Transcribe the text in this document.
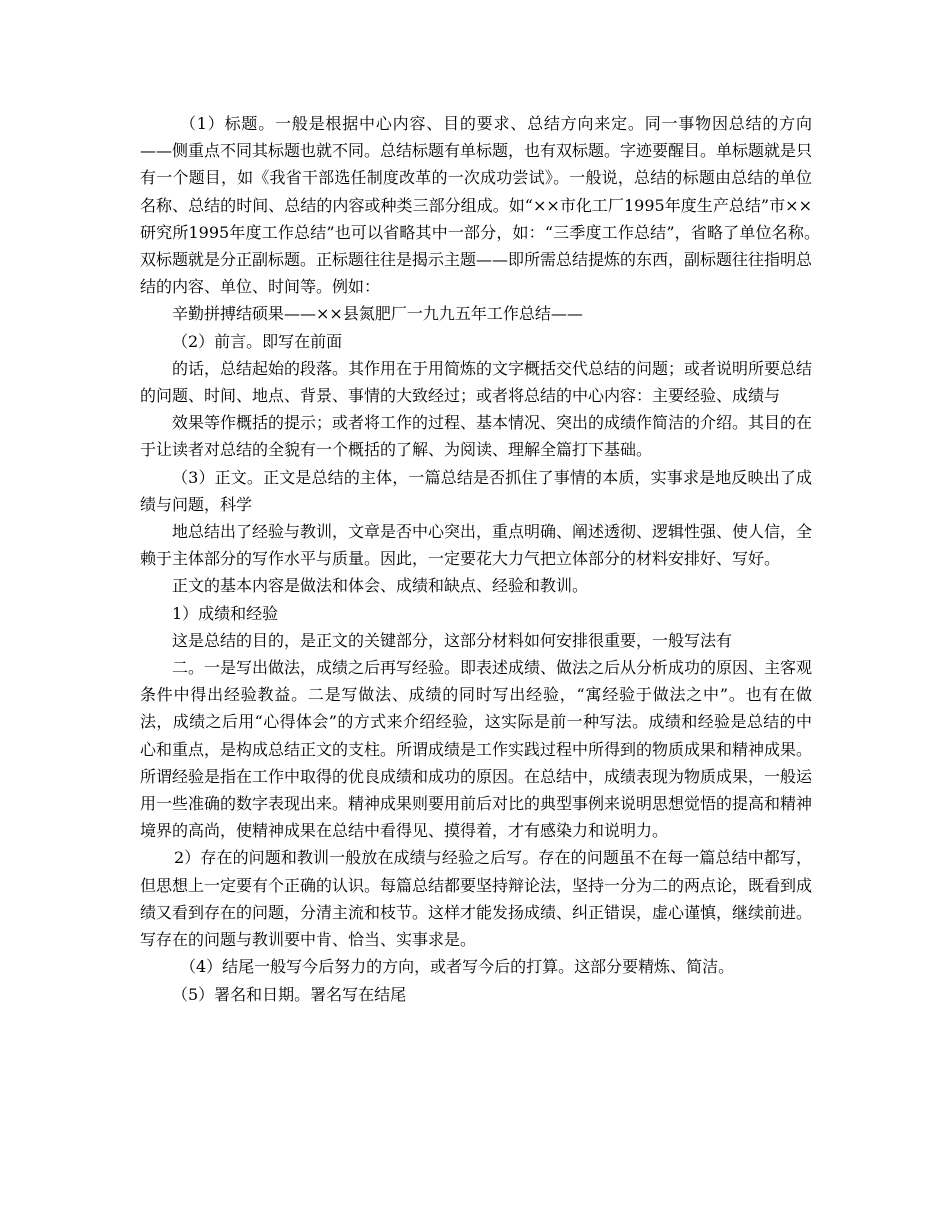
（1）标题。一般是根据中心内容、目的要求、总结方向来定。同一事物因总结的方向——侧重点不同其标题也就不同。总结标题有单标题，也有双标题。字迹要醒目。单标题就是只有一个题目，如《我省干部选任制度改革的一次成功尝试》。一般说，总结的标题由总结的单位名称、总结的时间、总结的内容或种类三部分组成。如“××市化工厂1995年度生产总结”市××研究所1995年度工作总结”也可以省略其中一部分，如：“三季度工作总结”，省略了单位名称。　　双标题就是分正副标题。正标题往往是揭示主题——即所需总结提炼的东西，副标题往往指明总结的内容、单位、时间等。例如：

辛勤拼搏结硕果——××县氮肥厂一九九五年工作总结——

（2）前言。即写在前面

的话，总结起始的段落。其作用在于用简炼的文字概括交代总结的问题；或者说明所要总结的问题、时间、地点、背景、事情的大致经过；或者将总结的中心内容：主要经验、成绩与

效果等作概括的提示；或者将工作的过程、基本情况、突出的成绩作简洁的介绍。其目的在于让读者对总结的全貌有一个概括的了解、为阅读、理解全篇打下基础。

（3）正文。正文是总结的主体，一篇总结是否抓住了事情的本质，实事求是地反映出了成绩与问题，科学

地总结出了经验与教训，文章是否中心突出，重点明确、阐述透彻、逻辑性强、使人信，全赖于主体部分的写作水平与质量。因此，一定要花大力气把立体部分的材料安排好、写好。

正文的基本内容是做法和体会、成绩和缺点、经验和教训。

1）成绩和经验

这是总结的目的，是正文的关键部分，这部分材料如何安排很重要，一般写法有

二。一是写出做法，成绩之后再写经验。即表述成绩、做法之后从分析成功的原因、主客观条件中得出经验教益。二是写做法、成绩的同时写出经验，“寓经验于做法之中”。也有在做法，成绩之后用“心得体会”的方式来介绍经验，这实际是前一种写法。成绩和经验是总结的中心和重点，是构成总结正文的支柱。所谓成绩是工作实践过程中所得到的物质成果和精神成果。所谓经验是指在工作中取得的优良成绩和成功的原因。在总结中，成绩表现为物质成果，一般运用一些准确的数字表现出来。精神成果则要用前后对比的典型事例来说明思想觉悟的提高和精神境界的高尚，使精神成果在总结中看得见、摸得着，才有感染力和说明力。

2）存在的问题和教训一般放在成绩与经验之后写。存在的问题虽不在每一篇总结中都写，但思想上一定要有个正确的认识。每篇总结都要坚持辩论法，坚持一分为二的两点论，既看到成绩又看到存在的问题，分清主流和枝节。这样才能发扬成绩、纠正错误，虚心谨慎，继续前进。写存在的问题与教训要中肯、恰当、实事求是。

（4）结尾一般写今后努力的方向，或者写今后的打算。这部分要精炼、简洁。

（5）署名和日期。署名写在结尾
